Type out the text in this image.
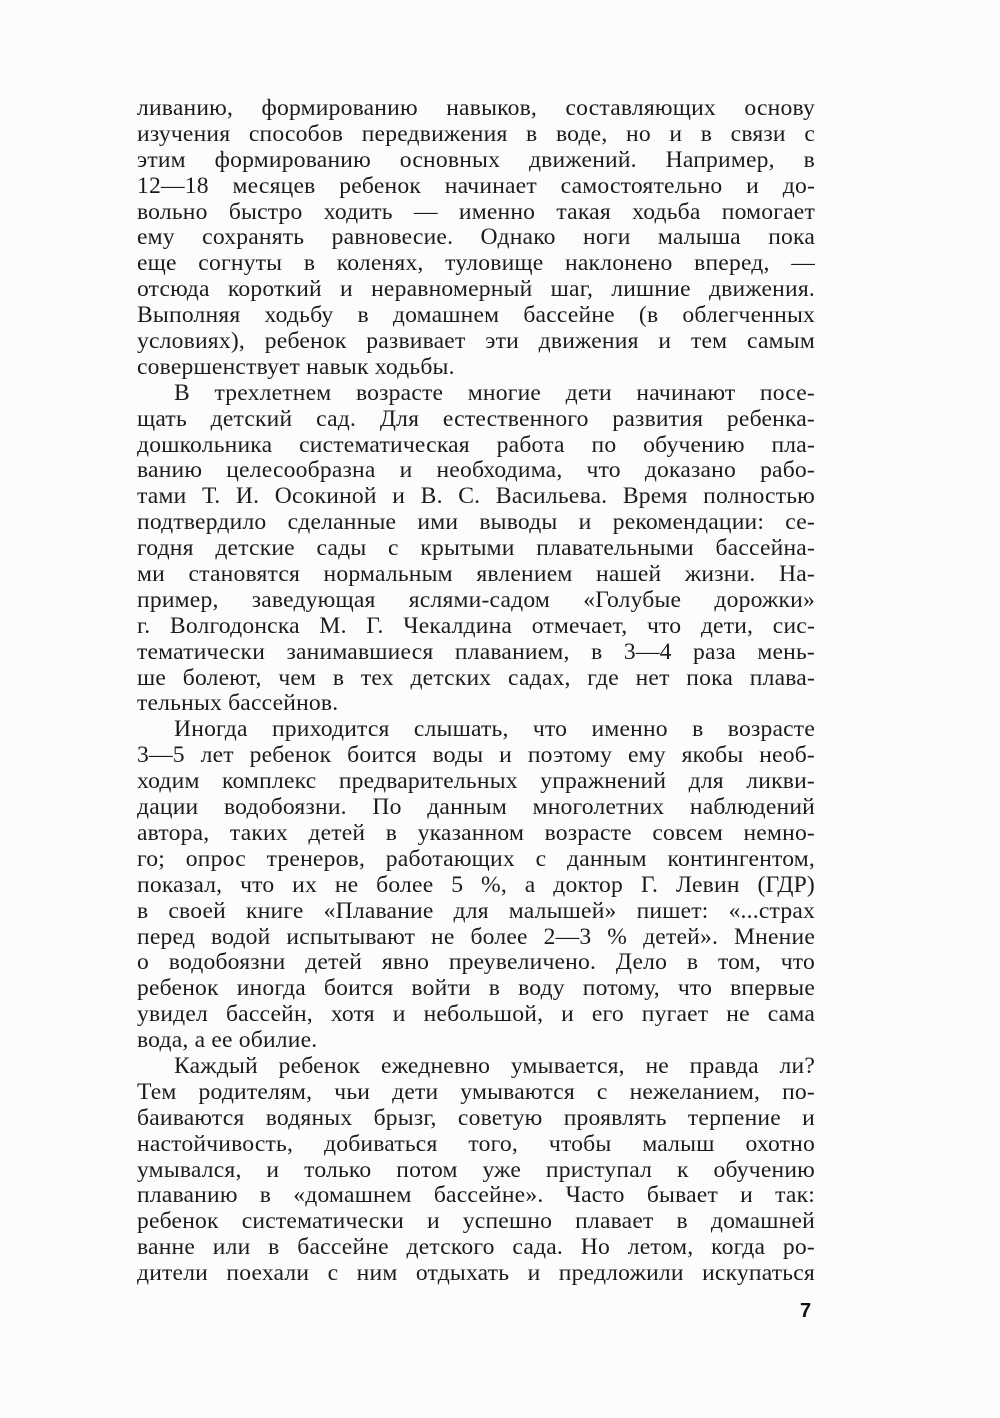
ливанию, формированию навыков, составляющих основу
изучения способов передвижения в воде, но и в связи с
этим формированию основных движений. Например, в
12—18 месяцев ребенок начинает самостоятельно и до-
вольно быстро ходить — именно такая ходьба помогает
ему сохранять равновесие. Однако ноги малыша пока
еще согнуты в коленях, туловище наклонено вперед, —
отсюда короткий и неравномерный шаг, лишние движения.
Выполняя ходьбу в домашнем бассейне (в облегченных
условиях), ребенок развивает эти движения и тем самым
совершенствует навык ходьбы.
В трехлетнем возрасте многие дети начинают посе-
щать детский сад. Для естественного развития ребенка-
дошкольника систематическая работа по обучению пла-
ванию целесообразна и необходима, что доказано рабо-
тами Т. И. Осокиной и В. С. Васильева. Время полностью
подтвердило сделанные ими выводы и рекомендации: се-
годня детские сады с крытыми плавательными бассейна-
ми становятся нормальным явлением нашей жизни. На-
пример, заведующая яслями-садом «Голубые дорожки»
г. Волгодонска М. Г. Чекалдина отмечает, что дети, сис-
тематически занимавшиеся плаванием, в 3—4 раза мень-
ше болеют, чем в тех детских садах, где нет пока плава-
тельных бассейнов.
Иногда приходится слышать, что именно в возрасте
3—5 лет ребенок боится воды и поэтому ему якобы необ-
ходим комплекс предварительных упражнений для ликви-
дации водобоязни. По данным многолетних наблюдений
автора, таких детей в указанном возрасте совсем немно-
го; опрос тренеров, работающих с данным контингентом,
показал, что их не более 5 %, а доктор Г. Левин (ГДР)
в своей книге «Плавание для малышей» пишет: «...страх
перед водой испытывают не более 2—3 % детей». Мнение
о водобоязни детей явно преувеличено. Дело в том, что
ребенок иногда боится войти в воду потому, что впервые
увидел бассейн, хотя и небольшой, и его пугает не сама
вода, а ее обилие.
Каждый ребенок ежедневно умывается, не правда ли?
Тем родителям, чьи дети умываются с нежеланием, по-
баиваются водяных брызг, советую проявлять терпение и
настойчивость, добиваться того, чтобы малыш охотно
умывался, и только потом уже приступал к обучению
плаванию в «домашнем бассейне». Часто бывает и так:
ребенок систематически и успешно плавает в домашней
ванне или в бассейне детского сада. Но летом, когда ро-
дители поехали с ним отдыхать и предложили искупаться
7
